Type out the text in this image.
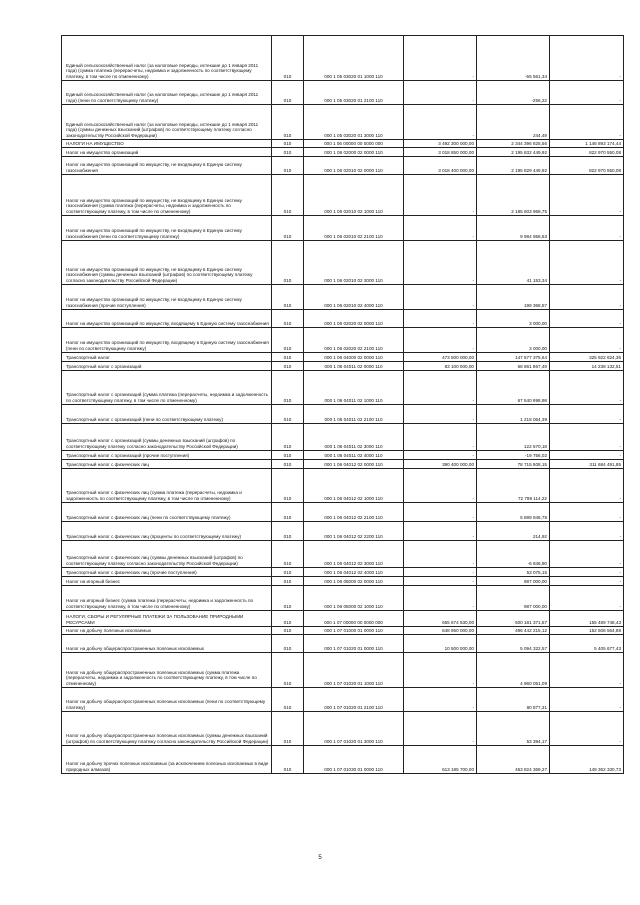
Единый сельскохозяйственный налог (за налоговые периоды, истекшие до 1 января 2011 года) (сумма платежа (перерасчеты, недоимка и задолженность по соответствующему платежу, в том числе по отмененному)	010	000 1 05 03020 01 1000 110	-	-55 561,34	-
Единый сельскохозяйственный налог (за налоговые периоды, истекшие до 1 января 2011 года) (пени по соответствующему платежу)	010	000 1 05 03020 01 2100 110	-	-256,22	-
Единый сельскохозяйственный налог (за налоговые периоды, истекшие до 1 января 2011 года) (суммы денежных взысканий (штрафов) по соответствующему платежу согласно законодательству Российской Федерации)	010	000 1 05 03020 01 3000 110	-	244,49	-
НАЛОГИ НА ИМУЩЕСТВО	010	000 1 06 00000 00 0000 000	3 492 300 000,00	2 344 396 825,56	1 148 893 174,44
Налог на имущество организаций	010	000 1 06 02000 02 0000 110	3 018 850 000,00	2 195 832 449,92	822 970 550,08
Налог на имущество организаций по имуществу, не входящему в Единую систему газоснабжения	010	000 1 06 02010 02 0000 110	3 018 400 000,00	2 195 829 449,92	822 970 550,08
Налог на имущество организаций по имуществу, не входящему в Единую систему газоснабжения (сумма платежа (перерасчеты, недоимка и задолженность по соответствующему платежу, в том числе по отмененному)	010	000 1 06 02010 02 1000 110	-	2 185 603 968,75	-
Налог на имущество организаций по имуществу, не входящему в Единую систему газоснабжения (пени по соответствующему платежу)	010	000 1 06 02010 02 2100 110	-	9 984 958,63	-
Налог на имущество организаций по имуществу, не входящему в Единую систему газоснабжения (суммы денежных взысканий (штрафов) по соответствующему платежу согласно законодательству Российской Федерации)	010	000 1 06 02010 02 3000 110	-	41 153,34	-
Налог на имущество организаций по имуществу, не входящему в Единую систему газоснабжения (прочие поступления)	010	000 1 06 02010 02 4000 110	-	199 368,57	-
Налог на имущество организаций по имуществу, входящему в Единую систему газоснабжения	010	000 1 06 02020 02 0000 110	-	3 000,00	-
Налог на имущество организаций по имуществу, входящему в Единую систему газоснабжения (пени по соответствующему платежу)	010	000 1 06 02020 02 2100 110	-	3 000,00	-
Транспортный налог	010	000 1 06 04000 02 0000 110	473 500 000,00	147 577 375,64	325 922 624,36
Транспортный налог с организаций	010	000 1 06 04011 02 0000 110	83 100 000,00	68 861 867,49	14 238 132,51
Транспортный налог с организаций (сумма платежа (перерасчеты, недоимка и задолженность по соответствующему платежу, в том числе по отмененному)	010	000 1 06 04011 02 1000 110	-	67 540 998,98	-
Транспортный налог с организаций (пени по соответствующему платежу)	010	000 1 06 04011 02 2100 110	-	1 218 064,39	-
Транспортный налог с организаций (суммы денежных взысканий (штрафов) по соответствующему платежу согласно законодательству Российской Федерации)	010	000 1 06 04011 02 3000 110	-	122 570,18	-
Транспортный налог с организаций (прочие поступления)	010	000 1 06 04011 02 4000 110	-	-19 756,02	-
Транспортный налог с физических лиц	010	000 1 06 04012 02 0000 110	390 400 000,00	78 715 508,15	311 684 491,85
Транспортный налог с физических лиц (сумма платежа (перерасчеты, недоимка и задолженность по соответствующему платежу, в том числе по отмененному)	010	000 1 06 04012 02 1000 110	-	72 799 114,22	-
Транспортный налог с физических лиц (пени по соответствующему платежу)	010	000 1 06 04012 02 2100 110	-	5 889 946,78	-
Транспортный налог с физических лиц (проценты по соответствующему платежу)	010	000 1 06 04012 02 2200 110	-	214,92	-
Транспортный налог с физических лиц (суммы денежных взысканий (штрафов) по соответствующему платежу согласно законодательству Российской Федерации)	010	000 1 06 04012 02 3000 110	-	-6 846,90	-
Транспортный налог с физических лиц (прочие поступления)	010	000 1 06 04012 02 4000 110	-	53 075,15	-
Налог на игорный бизнес	010	000 1 06 05000 02 0000 110	-	987 000,00	-
Налог на игорный бизнес (сумма платежа (перерасчеты, недоимка и задолженность по соответствующему платежу, в том числе по отмененному)	010	000 1 06 05000 02 1000 110	-	987 000,00	-
НАЛОГИ, СБОРЫ И РЕГУЛЯРНЫЕ ПЛАТЕЖИ ЗА ПОЛЬЗОВАНИЕ ПРИРОДНЫМИ РЕСУРСАМИ	010	000 1 07 00000 00 0000 000	655 674 630,00	500 181 371,57	155 489 748,43
Налог на добычу полезных ископаемых	010	000 1 07 01000 01 0000 110	648 950 000,00	496 442 215,12	152 508 564,88
Налог на добычу общераспространенных полезных ископаемых	010	000 1 07 01020 01 0000 110	10 500 000,00	5 094 322,57	5 405 677,43
Налог на добычу общераспространенных полезных ископаемых (сумма платежа (перерасчеты, недоимка и задолженность по соответствующему платежу, в том числе по отмененному)	010	000 1 07 01020 01 1000 110	-	4 960 051,09	-
Налог на добычу общераспространенных полезных ископаемых (пени по соответствующему платежу)	010	000 1 07 01020 01 2100 110	-	80 877,31	-
Налог на добычу общераспространенных полезных ископаемых (суммы денежных взысканий (штрафов) по соответствующему платежу согласно законодательству Российской Федерации)	010	000 1 07 01020 01 3000 110	-	53 394,17	-
Налог на добычу прочих полезных ископаемых (за исключением полезных ископаемых в виде природных алмазов)	010	000 1 07 01030 01 0000 110	613 185 700,00	463 824 369,27	149 362 330,73
5
